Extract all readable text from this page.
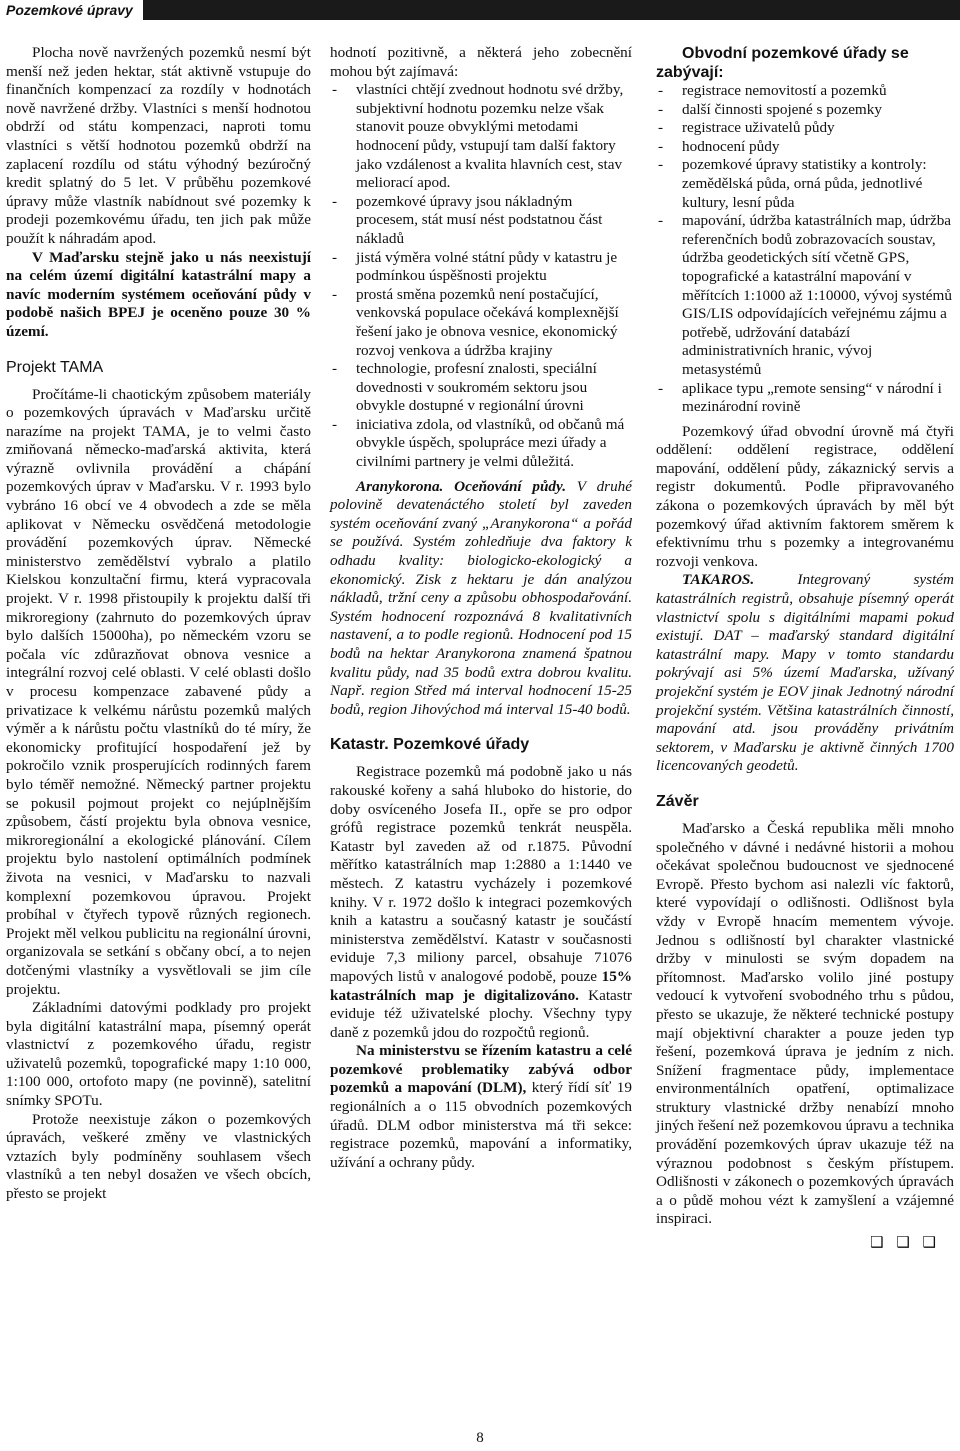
Pozemkové úpravy

Plocha nově navržených pozemků nesmí být menší než jeden hektar, stát aktivně vstupuje do finančních kompenzací za rozdíly v hodnotách nově navržené držby. Vlastníci s menší hodnotou obdrží od státu kompenzaci, naproti tomu vlastníci s větší hodnotou pozemků obdrží na zaplacení rozdílu od státu výhodný bezúročný kredit splatný do 5 let. V průběhu pozemkové úpravy může vlastník nabídnout své pozemky k prodeji pozemkovému úřadu, ten jich pak může použít k náhradám apod.

V Maďarsku stejně jako u nás neexistují na celém území digitální katastrální mapy a navíc moderním systémem oceňování půdy v podobě našich BPEJ je oceněno pouze 30 % území.

Projekt TAMA

Pročítáme-li chaotickým způsobem materiály o pozemkových úpravách v Maďarsku určitě narazíme na projekt TAMA, je to velmi často zmiňovaná německo-maďarská aktivita, která výrazně ovlivnila provádění a chápání pozemkových úprav v Maďarsku. V r. 1993 bylo vybráno 16 obcí ve 4 obvodech a zde se měla aplikovat v Německu osvědčená metodologie provádění pozemkových úprav. Německé ministerstvo zemědělství vybralo a platilo Kielskou konzultační firmu, která vypracovala projekt. V r. 1998 přistoupily k projektu další tři mikroregiony (zahrnuto do pozemkových úprav bylo dalších 15000ha), po německém vzoru se počala víc zdůrazňovat obnova vesnice a integrální rozvoj celé oblasti. V celé oblasti došlo v procesu kompenzace zabavené půdy a privatizace k velkému nárůstu pozemků malých výměr a k nárůstu počtu vlastníků do té míry, že ekonomicky profitující hospodaření jež by pokročilo vznik prosperujících rodinných farem bylo téměř nemožné. Německý partner projektu se pokusil pojmout projekt co nejúplnějším způsobem, částí projektu byla obnova vesnice, mikroregionální a ekologické plánování. Cílem projektu bylo nastolení optimálních podmínek života na vesnici, v Maďarsku to nazvali komplexní pozemkovou úpravou. Projekt probíhal v čtyřech typově různých regionech. Projekt měl velkou publicitu na regionální úrovni, organizovala se setkání s občany obcí, a to nejen dotčenými vlastníky a vysvětlovali se jim cíle projektu.

Základními datovými podklady pro projekt byla digitální katastrální mapa, písemný operát vlastnictví z pozemkového úřadu, registr uživatelů pozemků, topografické mapy 1:10 000, 1:100 000, ortofoto mapy (ne povinně), satelitní snímky SPOTu.

Protože neexistuje zákon o pozemkových úpravách, veškeré změny ve vlastnických vztazích byly podmíněny souhlasem všech vlastníků a ten nebyl dosažen ve všech obcích, přesto se projekt

hodnotí pozitivně, a některá jeho zobecnění mohou být zajímavá:

- vlastníci chtějí zvednout hodnotu své držby, subjektivní hodnotu pozemku nelze však stanovit pouze obvyklými metodami hodnocení půdy, vstupují tam další faktory jako vzdálenost a kvalita hlavních cest, stav meliorací apod.
- pozemkové úpravy jsou nákladným procesem, stát musí nést podstatnou část nákladů
- jistá výměra volné státní půdy v katastru je podmínkou úspěšnosti projektu
- prostá směna pozemků není postačující, venkovská populace očekává komplexnější řešení jako je obnova vesnice, ekonomický rozvoj venkova a údržba krajiny
- technologie, profesní znalosti, speciální dovednosti v soukromém sektoru jsou obvykle dostupné v regionální úrovni
- iniciativa zdola, od vlastníků, od občanů má obvykle úspěch, spolupráce mezi úřady a civilními partnery je velmi důležitá.

Aranykorona. Oceňování půdy. V druhé polovině devatenáctého století byl zaveden systém oceňování zvaný „Aranykorona“ a pořád se používá. Systém zohledňuje dva faktory k odhadu kvality: biologicko-ekologický a ekonomický. Zisk z hektaru je dán analýzou nákladů, tržní ceny a způsobu obhospodařování. Systém hodnocení rozpoznává 8 kvalitativních nastavení, a to podle regionů. Hodnocení pod 15 bodů na hektar Aranykorona znamená špatnou kvalitu půdy, nad 35 bodů extra dobrou kvalitu. Např. region Střed má interval hodnocení 15-25 bodů, region Jihovýchod má interval 15-40 bodů.

Katastr. Pozemkové úřady

Registrace pozemků má podobně jako u nás rakouské kořeny a sahá hluboko do historie, do doby osvíceného Josefa II., opře se pro odpor grófů registrace pozemků tenkrát neuspěla. Katastr byl zaveden až od r.1875. Původní měřítko katastrálních map 1:2880 a 1:1440 ve městech. Z katastru vycházely i pozemkové knihy. V r. 1972 došlo k integraci pozemkových knih a katastru a současný katastr je součástí ministerstva zemědělství. Katastr v současnosti eviduje 7,3 miliony parcel, obsahuje 71076 mapových listů v analogové podobě, pouze 15% katastrálních map je digitalizováno. Katastr eviduje též uživatelské plochy. Všechny typy daně z pozemků jdou do rozpočtů regionů.

Na ministerstvu se řízením katastru a celé pozemkové problematiky zabývá odbor pozemků a mapování (DLM), který řídí síť 19 regionálních a o 115 obvodních pozemkových úřadů. DLM odbor ministerstva má tři sekce: registrace pozemků, mapování a informatiky, užívání a ochrany půdy.

Obvodní pozemkové úřady se zabývají:

- registrace nemovitostí a pozemků
- další činnosti spojené s pozemky
- registrace uživatelů půdy
- hodnocení půdy
- pozemkové úpravy statistiky a kontroly: zemědělská půda, orná půda, jednotlivé kultury, lesní půda
- mapování, údržba katastrálních map, údržba referenčních bodů zobrazovacích soustav, údržba geodetických sítí včetně GPS, topografické a katastrální mapování v měřítcích 1:1000 až 1:10000, vývoj systémů GIS/LIS odpovídajících veřejnému zájmu a potřebě, udržování databází administrativních hranic, vývoj metasystémů
- aplikace typu „remote sensing“ v národní i mezinárodní rovině

Pozemkový úřad obvodní úrovně má čtyři oddělení: oddělení registrace, oddělení mapování, oddělení půdy, zákaznický servis a registr dokumentů. Podle připravovaného zákona o pozemkových úpravách by měl být pozemkový úřad aktivním faktorem směrem k efektivnímu trhu s pozemky a integrovanému rozvoji venkova.

TAKAROS. Integrovaný systém katastrálních registrů, obsahuje písemný operát vlastnictví spolu s digitálními mapami pokud existují. DAT – maďarský standard digitální katastrální mapy. Mapy v tomto standardu pokrývají asi 5% území Maďarska, užívaný projekční systém je EOV jinak Jednotný národní projekční systém. Většina katastrálních činností, mapování atd. jsou prováděny privátním sektorem, v Maďarsku je aktivně činných 1700 licencovaných geodetů.

Závěr

Maďarsko a Česká republika měli mnoho společného v dávné i nedávné historii a mohou očekávat společnou budoucnost ve sjednocené Evropě. Přesto bychom asi nalezli víc faktorů, které vypovídají o odlišnosti. Odlišnost byla vždy v Evropě hnacím mementem vývoje. Jednou s odlišností byl charakter vlastnické držby v minulosti se svým dopadem na přítomnost. Maďarsko volilo jiné postupy vedoucí k vytvoření svobodného trhu s půdou, přesto se ukazuje, že některé technické postupy mají objektivní charakter a pouze jeden typ řešení, pozemková úprava je jedním z nich. Snížení fragmentace půdy, implementace environmentálních opatření, optimalizace struktury vlastnické držby nenabízí mnoho jiných řešení než pozemkovou úpravu a technika provádění pozemkových úprav ukazuje též na výraznou podobnost s českým přístupem. Odlišnosti v zákonech o pozemkových úpravách a o půdě mohou vézt k zamyšlení a vzájemné inspiraci.

❑ ❑ ❑
8
